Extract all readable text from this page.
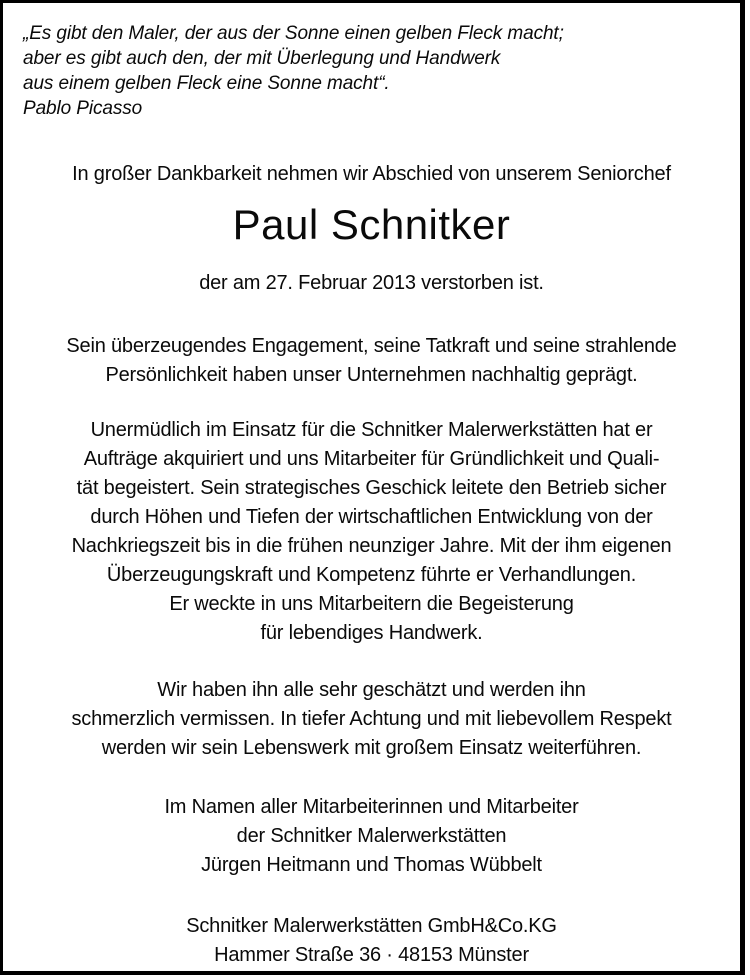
„Es gibt den Maler, der aus der Sonne einen gelben Fleck macht;
aber es gibt auch den, der mit Überlegung und Handwerk
aus einem gelben Fleck eine Sonne macht“.
Pablo Picasso
In großer Dankbarkeit nehmen wir Abschied von unserem Seniorchef
Paul Schnitker
der am 27. Februar 2013 verstorben ist.
Sein überzeugendes Engagement, seine Tatkraft und seine strahlende
Persönlichkeit haben unser Unternehmen nachhaltig geprägt.
Unermüdlich im Einsatz für die Schnitker Malerwerkstätten hat er
Aufträge akquiriert und uns Mitarbeiter für Gründlichkeit und Quali-
tät begeistert. Sein strategisches Geschick leitete den Betrieb sicher
durch Höhen und Tiefen der wirtschaftlichen Entwicklung von der
Nachkriegszeit bis in die frühen neunziger Jahre. Mit der ihm eigenen
Überzeugungskraft und Kompetenz führte er Verhandlungen.
Er weckte in uns Mitarbeitern die Begeisterung
für lebendiges Handwerk.
Wir haben ihn alle sehr geschätzt und werden ihn
schmerzlich vermissen. In tiefer Achtung und mit liebevollem Respekt
werden wir sein Lebenswerk mit großem Einsatz weiterführen.
Im Namen aller Mitarbeiterinnen und Mitarbeiter
der Schnitker Malerwerkstätten
Jürgen Heitmann und Thomas Wübbelt
Schnitker Malerwerkstätten GmbH&Co.KG
Hammer Straße 36 · 48153 Münster
